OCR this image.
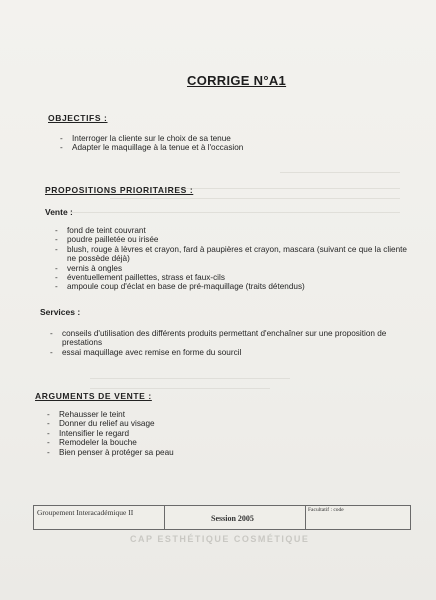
CORRIGE N°A1
OBJECTIFS :
- Interroger la cliente sur le choix de sa tenue
- Adapter le maquillage à la tenue et à l'occasion
PROPOSITIONS PRIORITAIRES :
Vente :
- fond de teint couvrant
- poudre pailletée ou irisée
- blush, rouge à lèvres et crayon, fard à paupières et crayon, mascara (suivant ce que la cliente ne possède déjà)
- vernis à ongles
- éventuellement paillettes, strass et faux-cils
- ampoule coup d'éclat en base de pré-maquillage (traits détendus)
Services :
- conseils d'utilisation des différents produits permettant d'enchaîner sur une proposition de prestations
- essai maquillage avec remise en forme du sourcil
ARGUMENTS DE VENTE :
- Rehausser le teint
- Donner du relief au visage
- Intensifier le regard
- Remodeler la bouche
- Bien penser à protéger sa peau
Groupement Interacadémique II
Session 2005
Facultatif : code
CAP ESTHÉTIQUE COSMÉTIQUE
